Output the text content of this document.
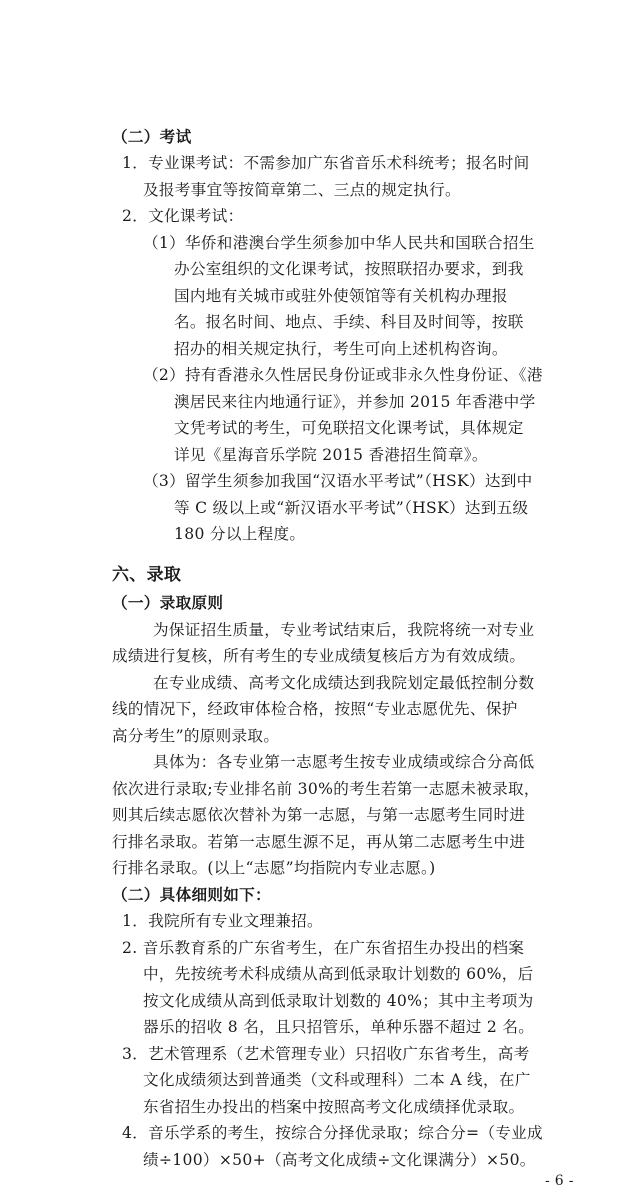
（二）考试
1．专业课考试：不需参加广东省音乐术科统考；报名时间
及报考事宜等按简章第二、三点的规定执行。
2．文化课考试：
（1）华侨和港澳台学生须参加中华人民共和国联合招生
办公室组织的文化课考试，按照联招办要求，到我
国内地有关城市或驻外使领馆等有关机构办理报
名。报名时间、地点、手续、科目及时间等，按联
招办的相关规定执行，考生可向上述机构咨询。
（2）持有香港永久性居民身份证或非永久性身份证、《港
澳居民来往内地通行证》，并参加 2015 年香港中学
文凭考试的考生，可免联招文化课考试，具体规定
详见《星海音乐学院 2015 香港招生简章》。
（3）留学生须参加我国“汉语水平考试”（HSK）达到中
等 C 级以上或“新汉语水平考试”（HSK）达到五级
180 分以上程度。
六、录取
（一）录取原则
为保证招生质量，专业考试结束后，我院将统一对专业
成绩进行复核，所有考生的专业成绩复核后方为有效成绩。
在专业成绩、高考文化成绩达到我院划定最低控制分数
线的情况下，经政审体检合格，按照“专业志愿优先、保护
高分考生”的原则录取。
具体为：各专业第一志愿考生按专业成绩或综合分高低
依次进行录取;专业排名前 30%的考生若第一志愿未被录取，
则其后续志愿依次替补为第一志愿，与第一志愿考生同时进
行排名录取。若第一志愿生源不足，再从第二志愿考生中进
行排名录取。(以上“志愿”均指院内专业志愿。)
（二）具体细则如下：
1．我院所有专业文理兼招。
2. 音乐教育系的广东省考生，在广东省招生办投出的档案
中，先按统考术科成绩从高到低录取计划数的 60%，后
按文化成绩从高到低录取计划数的 40%；其中主考项为
器乐的招收 8 名，且只招管乐，单种乐器不超过 2 名。
3．艺术管理系（艺术管理专业）只招收广东省考生，高考
文化成绩须达到普通类（文科或理科）二本 A 线，在广
东省招生办投出的档案中按照高考文化成绩择优录取。
4．音乐学系的考生，按综合分择优录取；综合分=（专业成
绩÷100）×50+（高考文化成绩÷文化课满分）×50。
- 6 -
